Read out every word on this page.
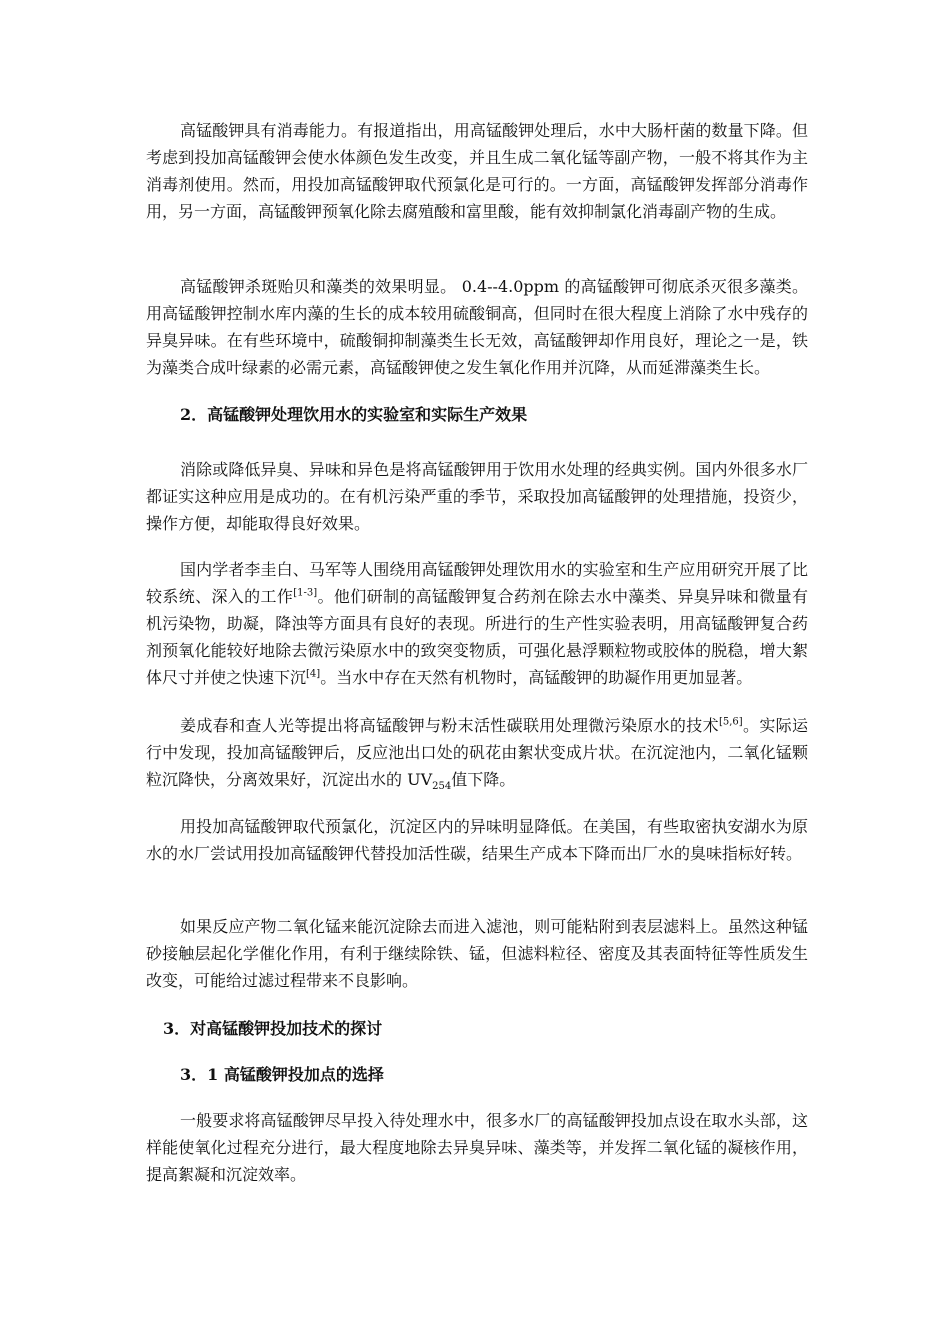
高锰酸钾具有消毒能力。有报道指出，用高锰酸钾处理后，水中大肠杆菌的数量下降。但考虑到投加高锰酸钾会使水体颜色发生改变，并且生成二氧化锰等副产物，一般不将其作为主消毒剂使用。然而，用投加高锰酸钾取代预氯化是可行的。一方面，高锰酸钾发挥部分消毒作用，另一方面，高锰酸钾预氧化除去腐殖酸和富里酸，能有效抑制氯化消毒副产物的生成。

高锰酸钾杀斑贻贝和藻类的效果明显。 0.4--4.0ppm 的高锰酸钾可彻底杀灭很多藻类。用高锰酸钾控制水库内藻的生长的成本较用硫酸铜高，但同时在很大程度上消除了水中残存的异臭异味。在有些环境中，硫酸铜抑制藻类生长无效，高锰酸钾却作用良好，理论之一是，铁为藻类合成叶绿素的必需元素，高锰酸钾使之发生氧化作用并沉降，从而延滞藻类生长。

2．高锰酸钾处理饮用水的实验室和实际生产效果

消除或降低异臭、异味和异色是将高锰酸钾用于饮用水处理的经典实例。国内外很多水厂都证实这种应用是成功的。在有机污染严重的季节，采取投加高锰酸钾的处理措施，投资少，操作方便，却能取得良好效果。

国内学者李圭白、马军等人围绕用高锰酸钾处理饮用水的实验室和生产应用研究开展了比较系统、深入的工作[1-3]。他们研制的高锰酸钾复合药剂在除去水中藻类、异臭异味和微量有机污染物，助凝，降浊等方面具有良好的表现。所进行的生产性实验表明，用高锰酸钾复合药剂预氧化能较好地除去微污染原水中的致突变物质，可强化悬浮颗粒物或胶体的脱稳，增大絮体尺寸并使之快速下沉[4]。当水中存在天然有机物时，高锰酸钾的助凝作用更加显著。

姜成春和查人光等提出将高锰酸钾与粉末活性碳联用处理微污染原水的技术[5,6]。实际运行中发现，投加高锰酸钾后，反应池出口处的矾花由絮状变成片状。在沉淀池内，二氧化锰颗粒沉降快，分离效果好，沉淀出水的 $UV_{254}$值下降。

用投加高锰酸钾取代预氯化，沉淀区内的异味明显降低。在美国，有些取密执安湖水为原水的水厂尝试用投加高锰酸钾代替投加活性碳，结果生产成本下降而出厂水的臭味指标好转。

如果反应产物二氧化锰来能沉淀除去而进入滤池，则可能粘附到表层滤料上。虽然这种锰砂接触层起化学催化作用，有利于继续除铁、锰，但滤料粒径、密度及其表面特征等性质发生改变，可能给过滤过程带来不良影响。

3．对高锰酸钾投加技术的探讨

3．1 高锰酸钾投加点的选择

一般要求将高锰酸钾尽早投入待处理水中，很多水厂的高锰酸钾投加点设在取水头部，这样能使氧化过程充分进行，最大程度地除去异臭异味、藻类等，并发挥二氧化锰的凝核作用，提高絮凝和沉淀效率。
